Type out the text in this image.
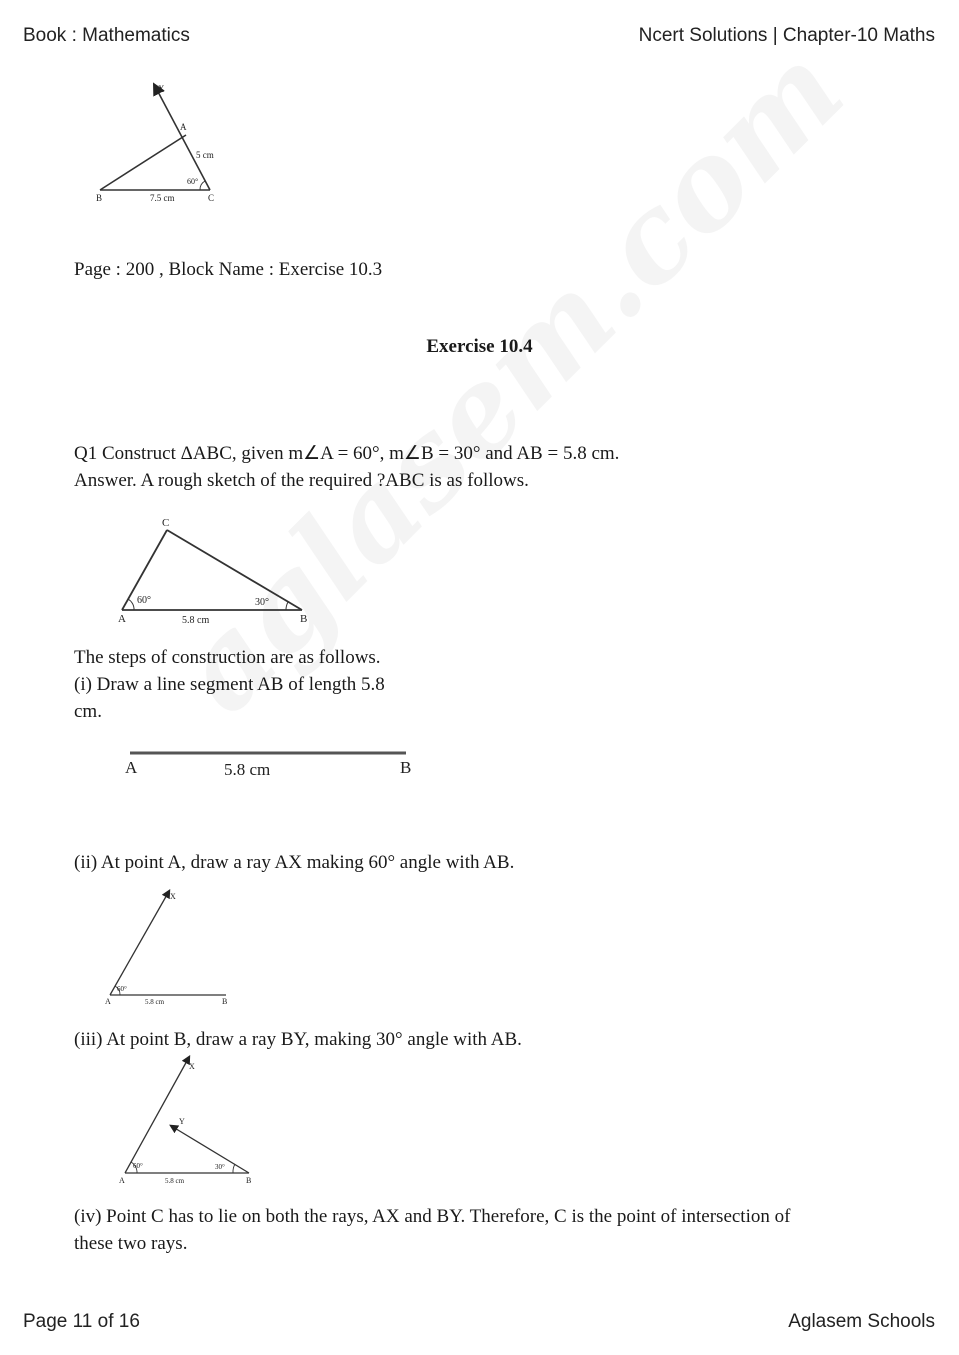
Book : Mathematics	Ncert Solutions | Chapter-10 Maths
X
A
5 cm
60°
B	7.5 cm	C
Page : 200 , Block Name : Exercise 10.3
Exercise 10.4
Q1 Construct ΔABC, given m∠A = 60°, m∠B = 30° and AB = 5.8 cm.
Answer. A rough sketch of the required ?ABC is as follows.
C
60°	30°
A	5.8 cm	B
The steps of construction are as follows.
(i) Draw a line segment AB of length 5.8
cm.
A	5.8 cm	B
(ii) At point A, draw a ray AX making 60° angle with AB.
X
60°
A	5.8 cm	B
(iii) At point B, draw a ray BY, making 30° angle with AB.
X
Y
60°	30°
A	5.8 cm	B
(iv) Point C has to lie on both the rays, AX and BY. Therefore, C is the point of intersection of
these two rays.
Page 11 of 16	Aglasem Schools
